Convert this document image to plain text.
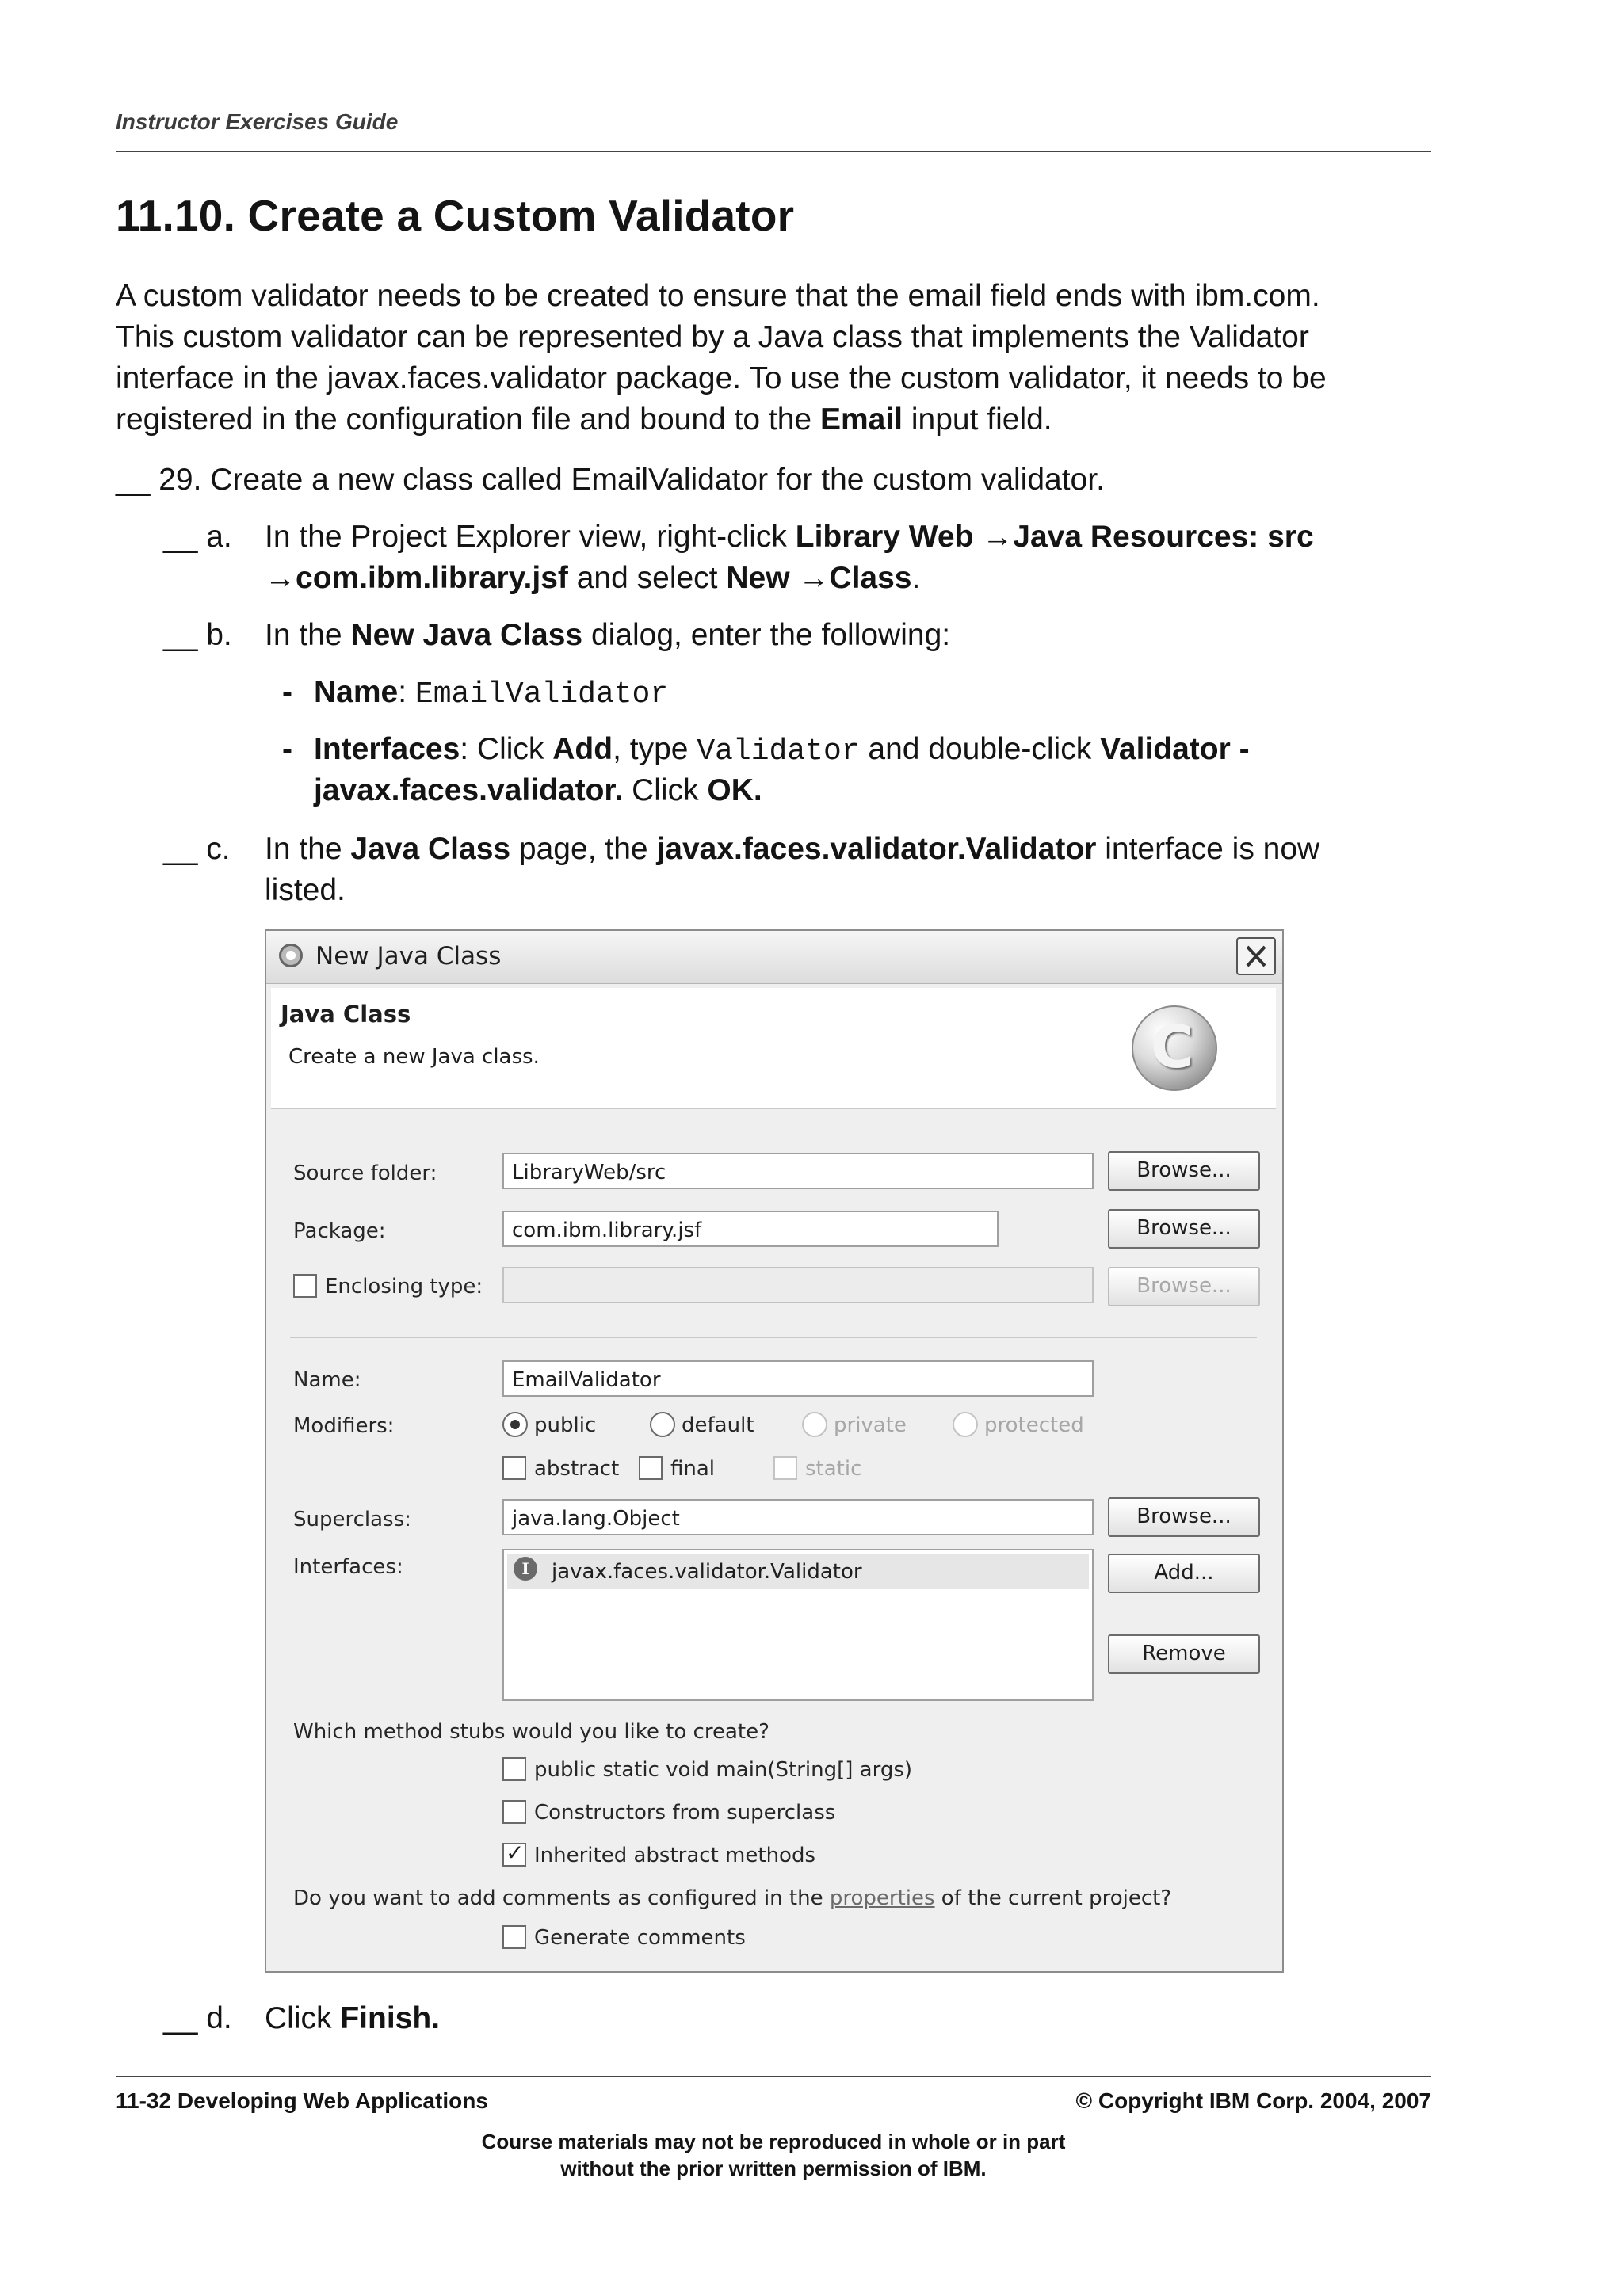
Instructor Exercises Guide
11.10. Create a Custom Validator
A custom validator needs to be created to ensure that the email field ends with ibm.com.
This custom validator can be represented by a Java class that implements the Validator
interface in the javax.faces.validator package. To use the custom validator, it needs to be
registered in the configuration file and bound to the Email input field.
__ 29. Create a new class called EmailValidator for the custom validator.
__ a. In the Project Explorer view, right-click Library Web →Java Resources: src
→com.ibm.library.jsf and select New →Class.
__ b. In the New Java Class dialog, enter the following:
- Name: EmailValidator
- Interfaces: Click Add, type Validator and double-click Validator -
javax.faces.validator. Click OK.
__ c. In the Java Class page, the javax.faces.validator.Validator interface is now
listed.
New Java Class
Java Class
Create a new Java class.	C
Source folder:	LibraryWeb/src	Browse...
Package:	com.ibm.library.jsf	Browse...
Enclosing type:	Browse...
Name:	EmailValidator
Modifiers:	public	default	private	protected
abstract final	static
Superclass:	java.lang.Object	Browse...
Interfaces:	I	javax.faces.validator.Validator	Add...
Remove
Which method stubs would you like to create?
public static void main(String[] args)
Constructors from superclass
✓ Inherited abstract methods
Do you want to add comments as configured in the properties of the current project?
Generate comments
__ d. Click Finish.
11-32 Developing Web Applications	© Copyright IBM Corp. 2004, 2007
Course materials may not be reproduced in whole or in part
without the prior written permission of IBM.
